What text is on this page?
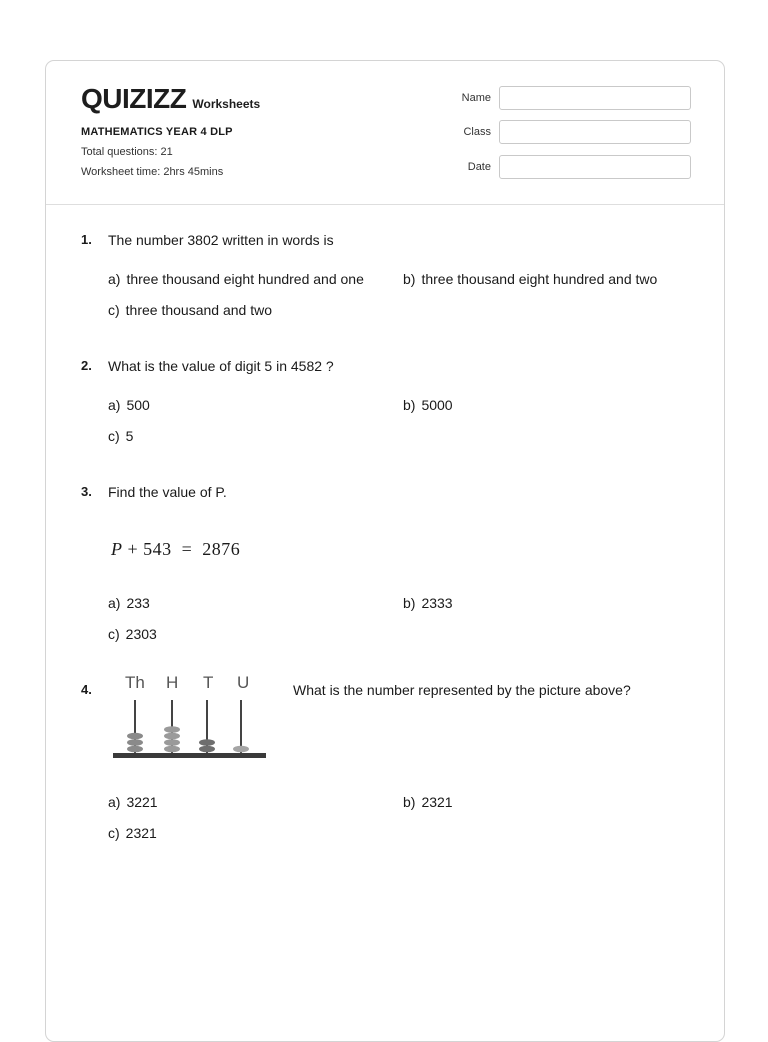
QUIZIZZ Worksheets
MATHEMATICS YEAR 4 DLP
Total questions: 21
Worksheet time: 2hrs 45mins
Name
Class
Date
1. The number 3802 written in words is
a) three thousand eight hundred and one	b) three thousand eight hundred and two
c) three thousand and two
2. What is the value of digit 5 in 4582 ?
a) 500	b) 5000
c) 5
3. Find the value of P.
P + 543  =  2876
a) 233	b) 2333
c) 2303
4. Th H T U	What is the number represented by the picture above?
a) 3221	b) 2321
c) 2321
